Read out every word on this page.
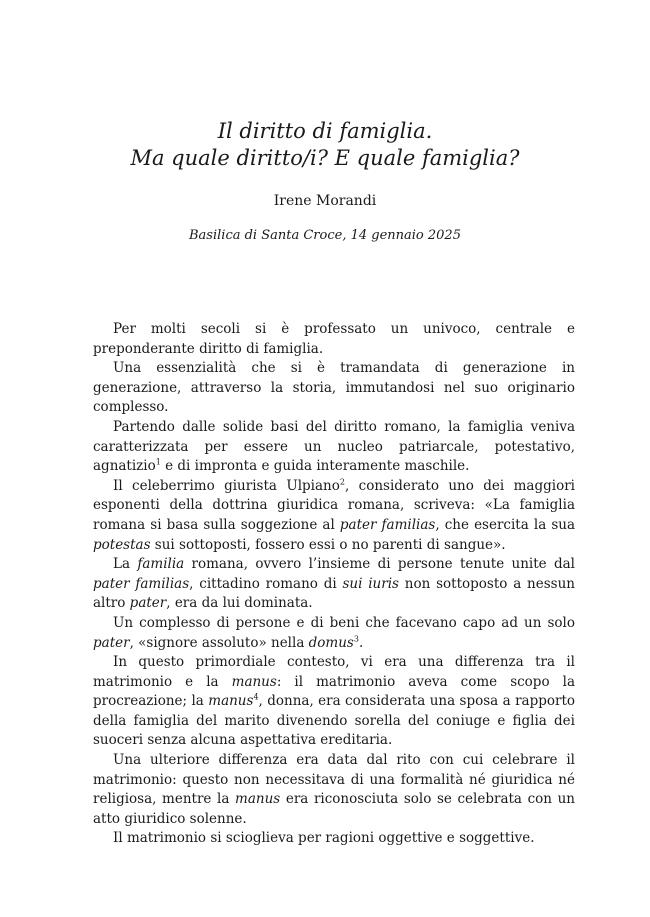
Il diritto di famiglia.
Ma quale diritto/i? E quale famiglia?
Irene Morandi
Basilica di Santa Croce, 14 gennaio 2025

Per molti secoli si è professato un univoco, centrale e preponderante diritto di famiglia.

Una essenzialità che si è tramandata di generazione in generazione, attraverso la storia, immutandosi nel suo originario complesso.

Partendo dalle solide basi del diritto romano, la famiglia veniva caratterizzata per essere un nucleo patriarcale, potestativo, agnatizio$^1$ e di impronta e guida interamente maschile.

Il celeberrimo giurista Ulpiano$^2$, considerato uno dei maggiori esponenti della dottrina giuridica romana, scriveva: «La famiglia romana si basa sulla soggezione al pater familias, che esercita la sua potestas sui sottoposti, fossero essi o no parenti di sangue».

La familia romana, ovvero l’insieme di persone tenute unite dal pater familias, cittadino romano di sui iuris non sottoposto a nessun altro pater, era da lui dominata.

Un complesso di persone e di beni che facevano capo ad un solo pater, «signore assoluto» nella domus$^3$.

In questo primordiale contesto, vi era una differenza tra il matrimonio e la manus: il matrimonio aveva come scopo la procreazione; la manus$^4$, donna, era considerata una sposa a rapporto della famiglia del marito divenendo sorella del coniuge e figlia dei suoceri senza alcuna aspettativa ereditaria.

Una ulteriore differenza era data dal rito con cui celebrare il matrimonio: questo non necessitava di una formalità né giuridica né religiosa, mentre la manus era riconosciuta solo se celebrata con un atto giuridico solenne.

Il matrimonio si scioglieva per ragioni oggettive e soggettive.
